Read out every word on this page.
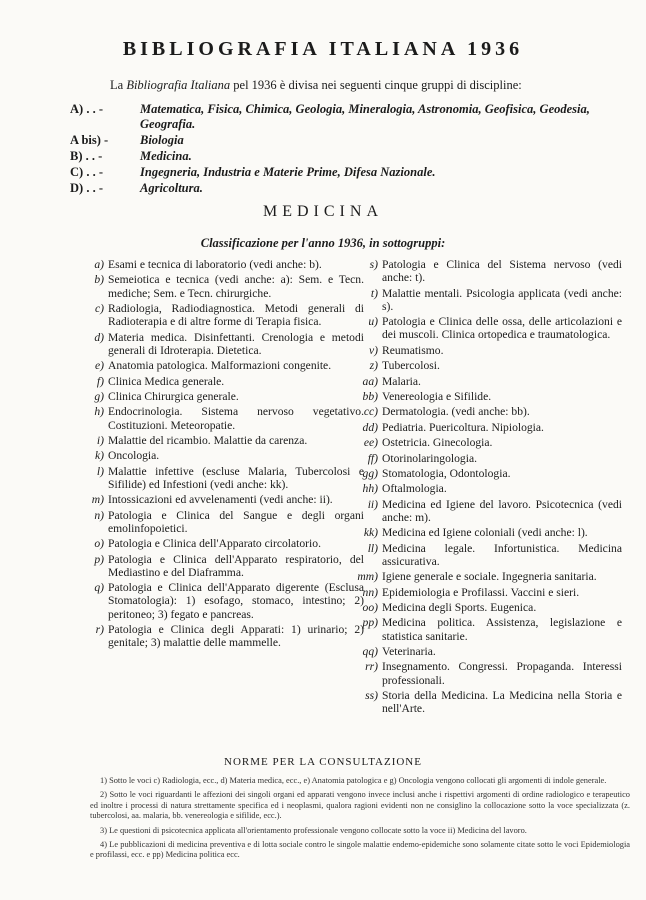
BIBLIOGRAFIA ITALIANA 1936
La Bibliografia Italiana pel 1936 è divisa nei seguenti cinque gruppi di discipline:
A) . . -	Matematica, Fisica, Chimica, Geologia, Mineralogia, Astronomia, Geofisica, Geodesia, Geografia.
A bis) -	Biologia
B) . . -	Medicina.
C) . . -	Ingegneria, Industria e Materie Prime, Difesa Nazionale.
D) . . -	Agricoltura.
MEDICINA
Classificazione per l'anno 1936, in sottogruppi:
a) Esami e tecnica di laboratorio (vedi anche: b).
b) Semeiotica e tecnica (vedi anche: a): Sem. e Tecn. mediche; Sem. e Tecn. chirurgiche.
c) Radiologia, Radiodiagnostica. Metodi generali di Radioterapia e di altre forme di Terapia fisica.
d) Materia medica. Disinfettanti. Crenologia e metodi generali di Idroterapia. Dietetica.
e) Anatomia patologica. Malformazioni congenite.
f) Clinica Medica generale.
g) Clinica Chirurgica generale.
h) Endocrinologia. Sistema nervoso vegetativo. Costituzioni. Meteoropatie.
i) Malattie del ricambio. Malattie da carenza.
k) Oncologia.
l) Malattie infettive (escluse Malaria, Tubercolosi e Sifilide) ed Infestioni (vedi anche: kk).
m) Intossicazioni ed avvelenamenti (vedi anche: ii).
n) Patologia e Clinica del Sangue e degli organi emolinfopoietici.
o) Patologia e Clinica dell'Apparato circolatorio.
p) Patologia e Clinica dell'Apparato respiratorio, del Mediastino e del Diaframma.
q) Patologia e Clinica dell'Apparato digerente (Esclusa Stomatologia): 1) esofago, stomaco, intestino; 2) peritoneo; 3) fegato e pancreas.
r) Patologia e Clinica degli Apparati: 1) urinario; 2) genitale; 3) malattie delle mammelle.
s) Patologia e Clinica del Sistema nervoso (vedi anche: t).
t) Malattie mentali. Psicologia applicata (vedi anche: s).
u) Patologia e Clinica delle ossa, delle articolazioni e dei muscoli. Clinica ortopedica e traumatologica.
v) Reumatismo.
z) Tubercolosi.
aa) Malaria.
bb) Venereologia e Sifilide.
cc) Dermatologia. (vedi anche: bb).
dd) Pediatria. Puericoltura. Nipiologia.
ee) Ostetricia. Ginecologia.
ff) Otorinolaringologia.
gg) Stomatologia, Odontologia.
hh) Oftalmologia.
ii) Medicina ed Igiene del lavoro. Psicotecnica (vedi anche: m).
kk) Medicina ed Igiene coloniali (vedi anche: l).
ll) Medicina legale. Infortunistica. Medicina assicurativa.
mm) Igiene generale e sociale. Ingegneria sanitaria.
nn) Epidemiologia e Profilassi. Vaccini e sieri.
oo) Medicina degli Sports. Eugenica.
pp) Medicina politica. Assistenza, legislazione e statistica sanitarie.
qq) Veterinaria.
rr) Insegnamento. Congressi. Propaganda. Interessi professionali.
ss) Storia della Medicina. La Medicina nella Storia e nell'Arte.
NORME PER LA CONSULTAZIONE
1) Sotto le voci c) Radiologia, ecc., d) Materia medica, ecc., e) Anatomia patologica e g) Oncologia vengono collocati gli argomenti di indole generale.
2) Sotto le voci riguardanti le affezioni dei singoli organi ed apparati vengono invece inclusi anche i rispettivi argomenti di ordine radiologico e terapeutico ed inoltre i processi di natura strettamente specifica ed i neoplasmi, qualora ragioni evidenti non ne consiglino la collocazione sotto la voce specializzata (z. tubercolosi, aa. malaria, bb. venereologia e sifilide, ecc.).
3) Le questioni di psicotecnica applicata all'orientamento professionale vengono collocate sotto la voce ii) Medicina del lavoro.
4) Le pubblicazioni di medicina preventiva e di lotta sociale contro le singole malattie endemo-epidemiche sono solamente citate sotto le voci Epidemiologia e profilassi, ecc. e pp) Medicina politica ecc.
